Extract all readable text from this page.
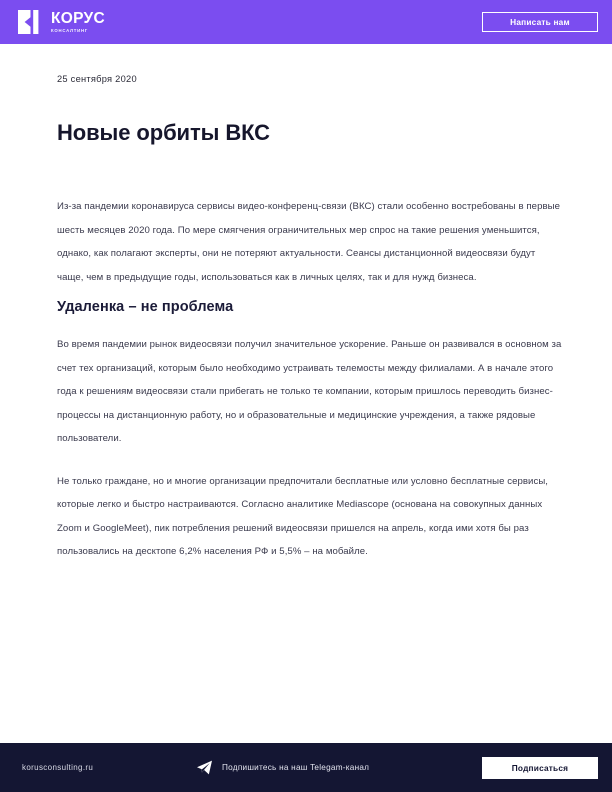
КОРУС
КОНСАЛТИНГ
Написать нам
25 сентября 2020
Новые орбиты ВКС

Из-за пандемии коронавируса сервисы видео-конференц-связи (ВКС) стали особенно востребованы в первые шесть месяцев 2020 года. По мере смягчения ограничительных мер спрос на такие решения уменьшится, однако, как полагают эксперты, они не потеряют актуальности. Сеансы дистанционной видеосвязи будут чаще, чем в предыдущие годы, использоваться как в личных целях, так и для нужд бизнеса.

Удаленка – не проблема

Во время пандемии рынок видеосвязи получил значительное ускорение. Раньше он развивался в основном за счет тех организаций, которым было необходимо устраивать телемосты между филиалами. А в начале этого года к решениям видеосвязи стали прибегать не только те компании, которым пришлось переводить бизнес-процессы на дистанционную работу, но и образовательные и медицинские учреждения, а также рядовые пользователи.

Не только граждане, но и многие организации предпочитали бесплатные или условно бесплатные сервисы, которые легко и быстро настраиваются. Согласно аналитике Mediascope (основана на совокупных данных Zoom и GoogleMeet), пик потребления решений видеосвязи пришелся на апрель, когда ими хотя бы раз пользовались на десктопе 6,2% населения РФ и 5,5% – на мобайле.

korusconsulting.ru	Подпишитесь на наш Telegam-канал	Подписаться
